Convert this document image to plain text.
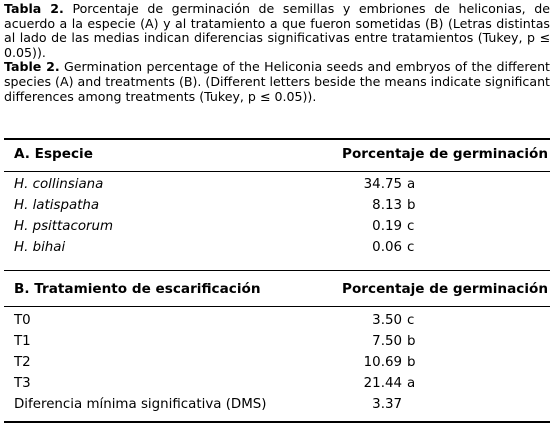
Tabla 2. Porcentaje de germinación de semillas y embriones de heliconias, de acuerdo a la especie (A) y al tratamiento a que fueron sometidas (B) (Letras distintas al lado de las medias indican diferencias significativas entre tratamientos (Tukey, p ≤ 0.05)).

Table 2. Germination percentage of the Heliconia seeds and embryos of the different species (A) and treatments (B). (Different letters beside the means indicate significant differences among treatments (Tukey, p ≤ 0.05)).

A. Especie	Porcentaje de germinación
H. collinsiana	34.75 a
H. latispatha	8.13 b
H. psittacorum	0.19 c
H. bihai	0.06 c
B. Tratamiento de escarificación	Porcentaje de germinación
T0	3.50 c
T1	7.50 b
T2	10.69 b
T3	21.44 a
Diferencia mínima significativa (DMS)	3.37
